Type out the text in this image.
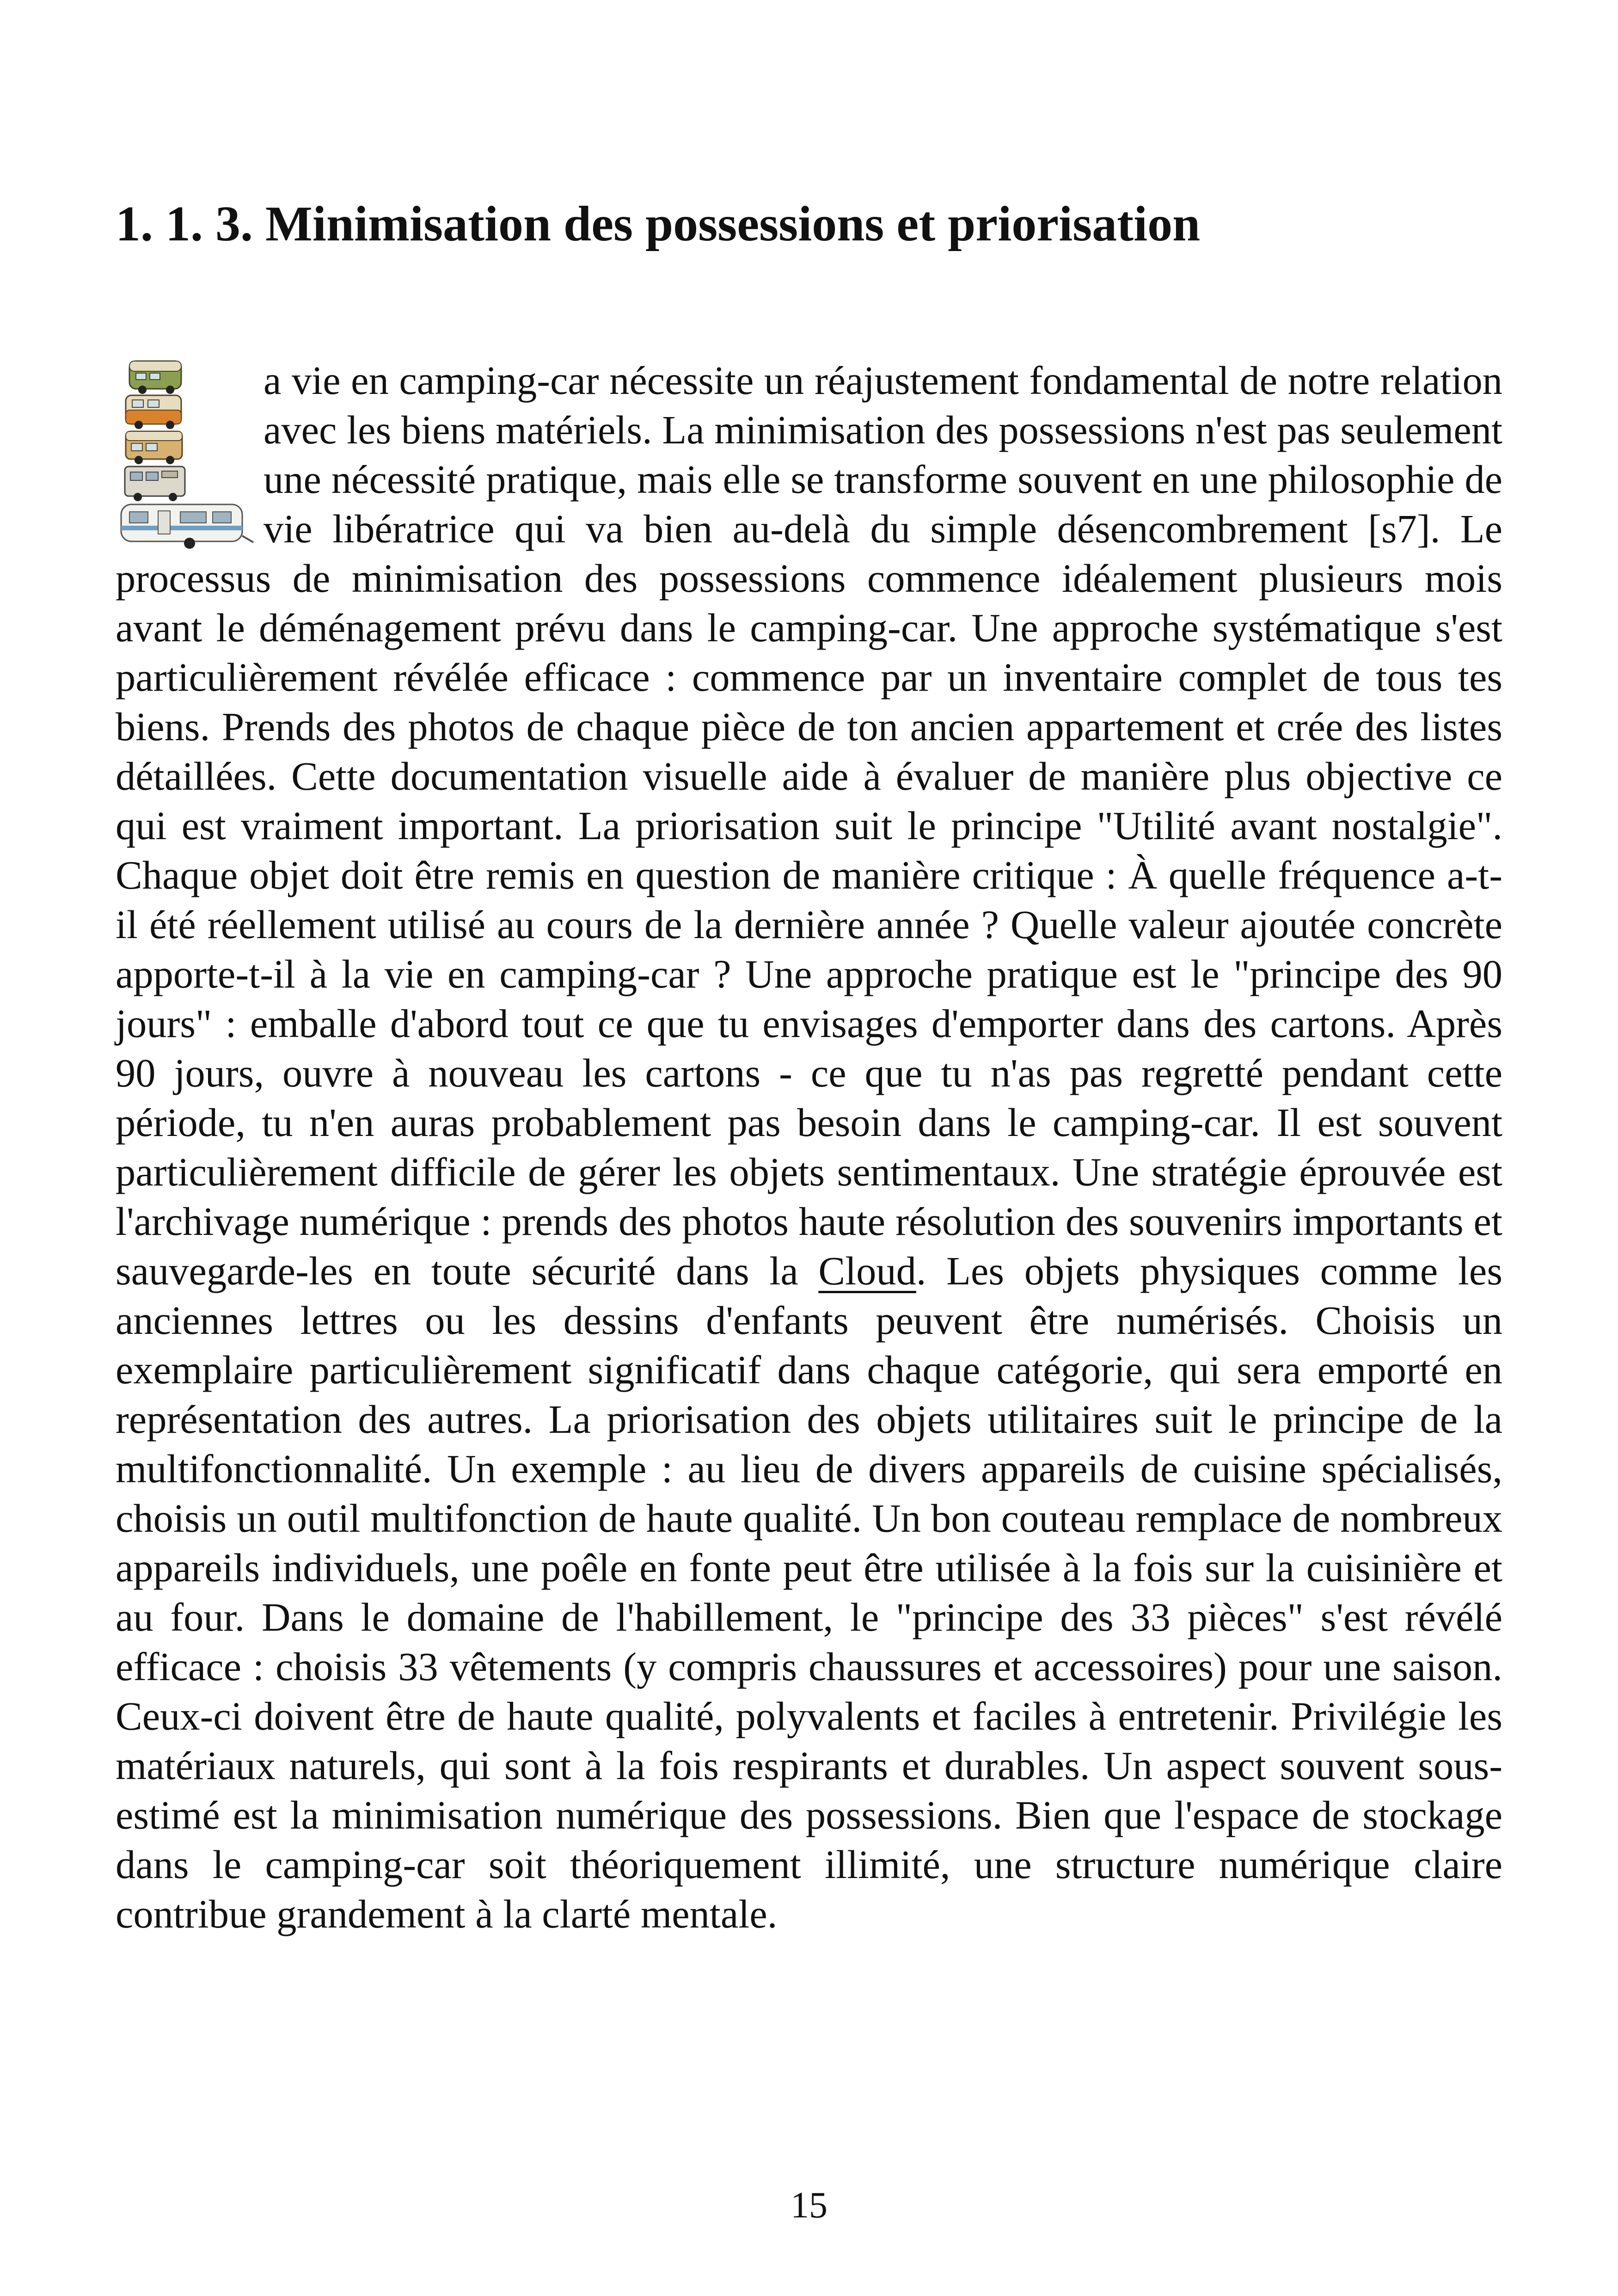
1. 1. 3. Minimisation des possessions et priorisation

a vie en camping-car nécessite un réajustement fondamental de notre relation avec les biens matériels. La minimisation des possessions n'est pas seulement une nécessité pratique, mais elle se transforme souvent en une philosophie de vie libératrice qui va bien au-delà du simple désencombrement [s7]. Le processus de minimisation des possessions commence idéalement plusieurs mois avant le déménagement prévu dans le camping-car. Une approche systématique s'est particulièrement révélée efficace : commence par un inventaire complet de tous tes biens. Prends des photos de chaque pièce de ton ancien appartement et crée des listes détaillées. Cette documentation visuelle aide à évaluer de manière plus objective ce qui est vraiment important. La priorisation suit le principe "Utilité avant nostalgie". Chaque objet doit être remis en question de manière critique : À quelle fréquence a-t-il été réellement utilisé au cours de la dernière année ? Quelle valeur ajoutée concrète apporte-t-il à la vie en camping-car ? Une approche pratique est le "principe des 90 jours" : emballe d'abord tout ce que tu envisages d'emporter dans des cartons. Après 90 jours, ouvre à nouveau les cartons - ce que tu n'as pas regretté pendant cette période, tu n'en auras probablement pas besoin dans le camping-car. Il est souvent particulièrement difficile de gérer les objets sentimentaux. Une stratégie éprouvée est l'archivage numérique : prends des photos haute résolution des souvenirs importants et sauvegarde-les en toute sécurité dans la Cloud. Les objets physiques comme les anciennes lettres ou les dessins d'enfants peuvent être numérisés. Choisis un exemplaire particulièrement significatif dans chaque catégorie, qui sera emporté en représentation des autres. La priorisation des objets utilitaires suit le principe de la multifonctionnalité. Un exemple : au lieu de divers appareils de cuisine spécialisés, choisis un outil multifonction de haute qualité. Un bon couteau remplace de nombreux appareils individuels, une poêle en fonte peut être utilisée à la fois sur la cuisinière et au four. Dans le domaine de l'habillement, le "principe des 33 pièces" s'est révélé efficace : choisis 33 vêtements (y compris chaussures et accessoires) pour une saison. Ceux-ci doivent être de haute qualité, polyvalents et faciles à entretenir. Privilégie les matériaux naturels, qui sont à la fois respirants et durables. Un aspect souvent sous-estimé est la minimisation numérique des possessions. Bien que l'espace de stockage dans le camping-car soit théoriquement illimité, une structure numérique claire contribue grandement à la clarté mentale.

15
